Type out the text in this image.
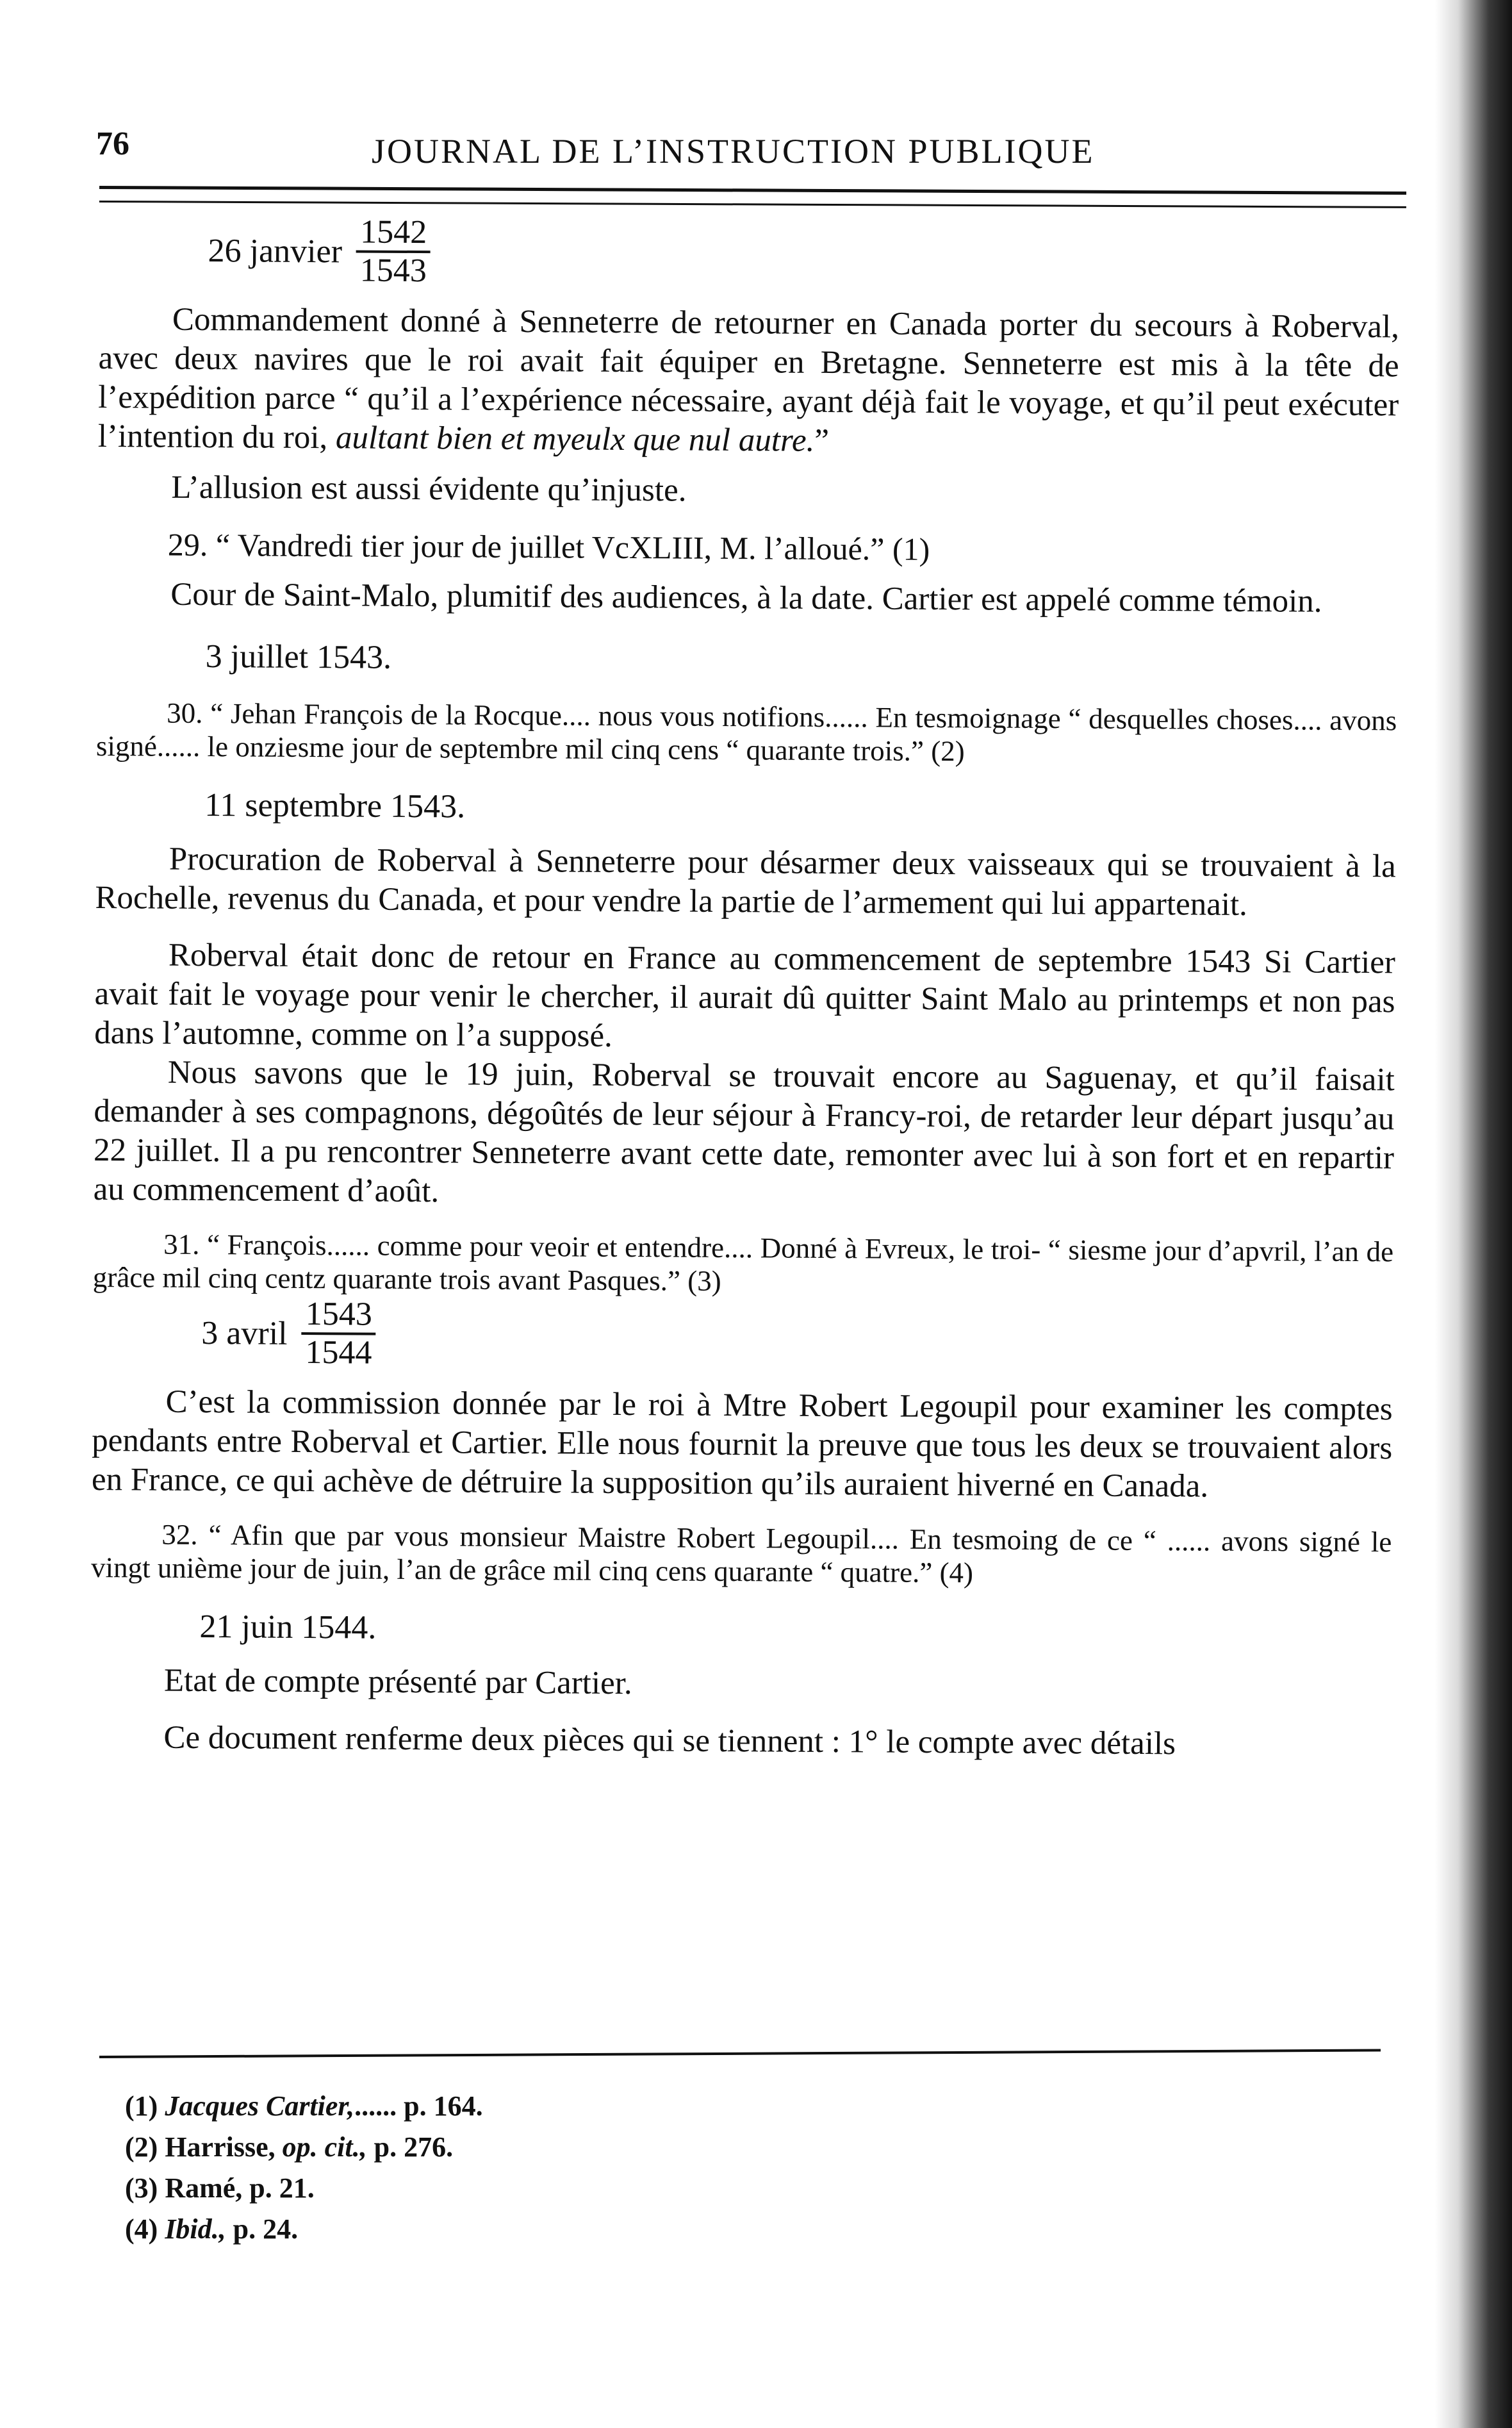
76	JOURNAL DE L’INSTRUCTION PUBLIQUE
26 janvier $\frac{1542}{1543}$

Commandement donné à Senneterre de retourner en Canada porter du secours à Roberval, avec deux navires que le roi avait fait équiper en Bretagne. Senneterre est mis à la tête de l’expédition parce “ qu’il a l’expérience nécessaire, ayant déjà fait le voyage, et qu’il peut exécuter l’intention du roi, aultant bien et myeulx que nul autre.”

L’allusion est aussi évidente qu’injuste.

29. “ Vandredi tier jour de juillet VcXLIII, M. l’alloué.” (1)

Cour de Saint-Malo, plumitif des audiences, à la date. Cartier est appelé comme témoin.

3 juillet 1543.

30. “ Jehan François de la Rocque.... nous vous notifions...... En tesmoignage “ desquelles choses.... avons signé...... le onziesme jour de septembre mil cinq cens “ quarante trois.” (2)

11 septembre 1543.

Procuration de Roberval à Senneterre pour désarmer deux vaisseaux qui se trouvaient à la Rochelle, revenus du Canada, et pour vendre la partie de l’armement qui lui appartenait.

Roberval était donc de retour en France au commencement de septembre 1543 Si Cartier avait fait le voyage pour venir le chercher, il aurait dû quitter Saint Malo au printemps et non pas dans l’automne, comme on l’a supposé.

Nous savons que le 19 juin, Roberval se trouvait encore au Saguenay, et qu’il faisait demander à ses compagnons, dégoûtés de leur séjour à Francy-roi, de retarder leur départ jusqu’au 22 juillet. Il a pu rencontrer Senneterre avant cette date, remonter avec lui à son fort et en repartir au commencement d’août.

31. “ François...... comme pour veoir et entendre.... Donné à Evreux, le troi- “ siesme jour d’apvril, l’an de grâce mil cinq centz quarante trois avant Pasques.” (3)

3 avril $\frac{1543}{1544}$

C’est la commission donnée par le roi à Mtre Robert Legoupil pour examiner les comptes pendants entre Roberval et Cartier. Elle nous fournit la preuve que tous les deux se trouvaient alors en France, ce qui achève de détruire la supposition qu’ils auraient hiverné en Canada.

32. “ Afin que par vous monsieur Maistre Robert Legoupil.... En tesmoing de ce “ ...... avons signé le vingt unième jour de juin, l’an de grâce mil cinq cens quarante “ quatre.” (4)

21 juin 1544.

Etat de compte présenté par Cartier.

Ce document renferme deux pièces qui se tiennent : 1° le compte avec détails

(1) Jacques Cartier,...... p. 164.
(2) Harrisse, op. cit., p. 276.
(3) Ramé, p. 21.
(4) Ibid., p. 24.
